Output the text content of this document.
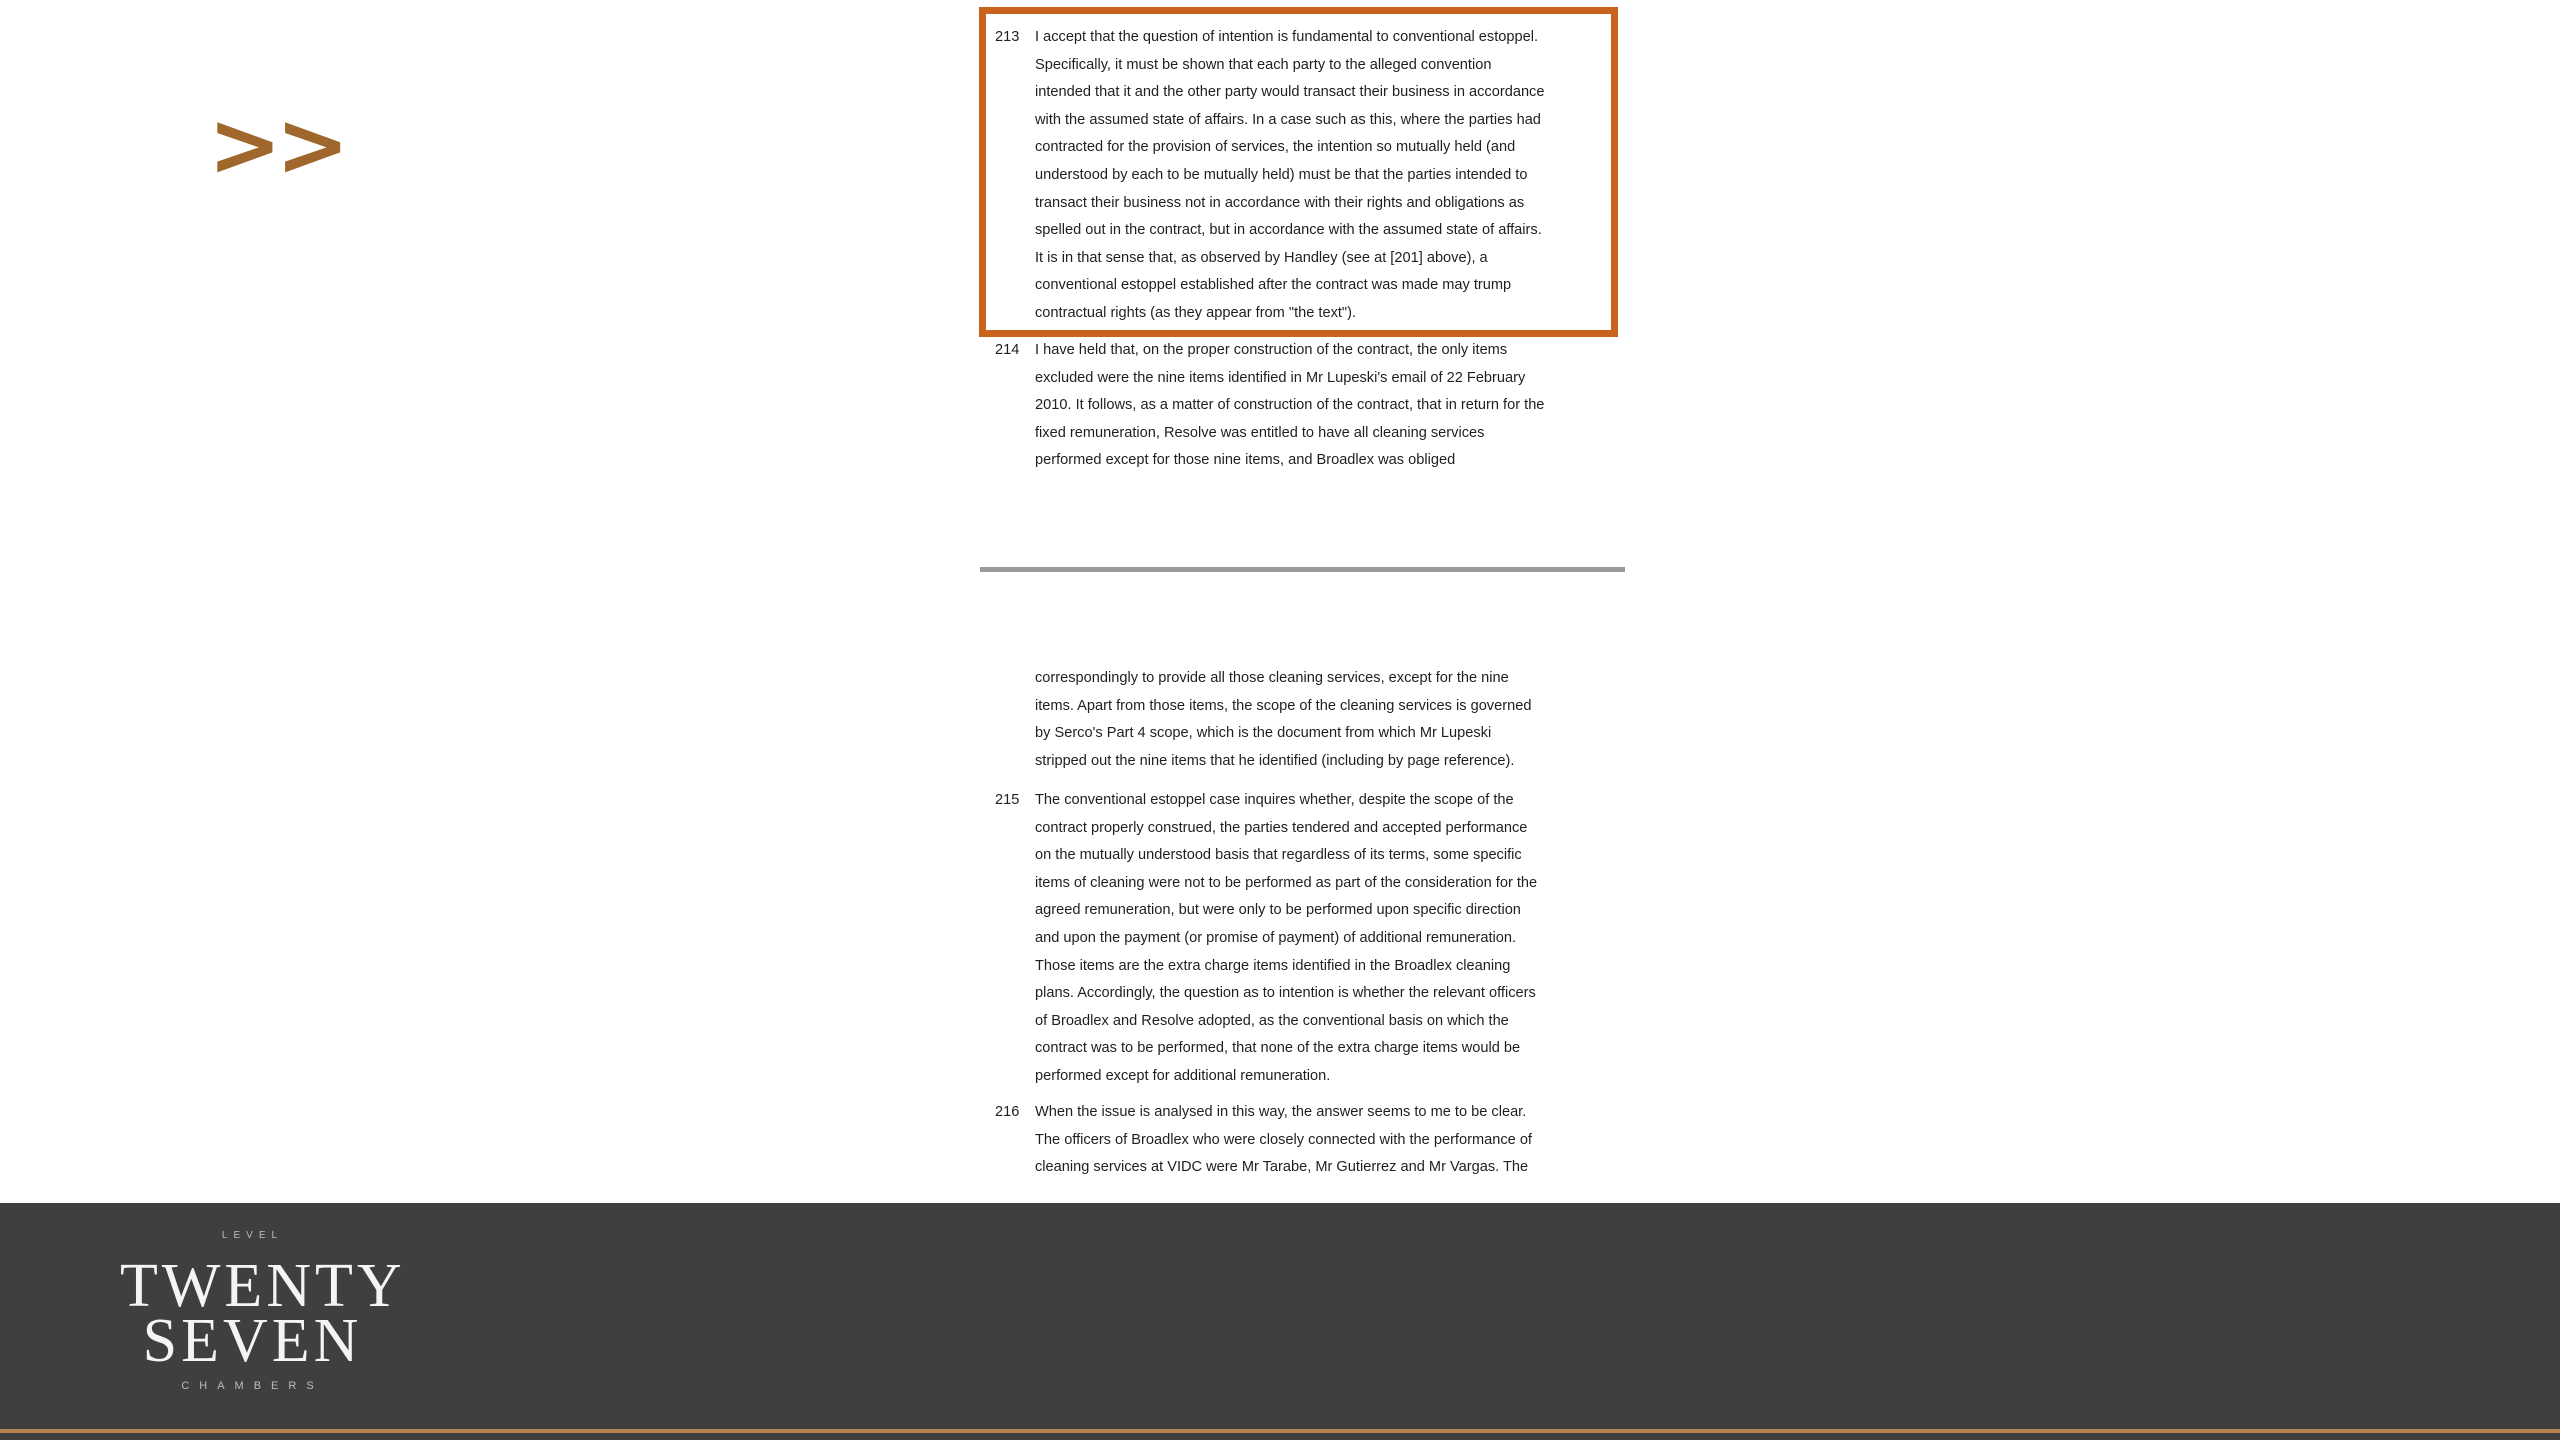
>>
213	I accept that the question of intention is fundamental to conventional estoppel.
Specifically, it must be shown that each party to the alleged convention
intended that it and the other party would transact their business in accordance
with the assumed state of affairs. In a case such as this, where the parties had
contracted for the provision of services, the intention so mutually held (and
understood by each to be mutually held) must be that the parties intended to
transact their business not in accordance with their rights and obligations as
spelled out in the contract, but in accordance with the assumed state of affairs.
It is in that sense that, as observed by Handley (see at [201] above), a
conventional estoppel established after the contract was made may trump
contractual rights (as they appear from "the text").
214	I have held that, on the proper construction of the contract, the only items
excluded were the nine items identified in Mr Lupeski's email of 22 February
2010. It follows, as a matter of construction of the contract, that in return for the
fixed remuneration, Resolve was entitled to have all cleaning services
performed except for those nine items, and Broadlex was obliged
correspondingly to provide all those cleaning services, except for the nine
items. Apart from those items, the scope of the cleaning services is governed
by Serco's Part 4 scope, which is the document from which Mr Lupeski
stripped out the nine items that he identified (including by page reference).
215	The conventional estoppel case inquires whether, despite the scope of the
contract properly construed, the parties tendered and accepted performance
on the mutually understood basis that regardless of its terms, some specific
items of cleaning were not to be performed as part of the consideration for the
agreed remuneration, but were only to be performed upon specific direction
and upon the payment (or promise of payment) of additional remuneration.
Those items are the extra charge items identified in the Broadlex cleaning
plans. Accordingly, the question as to intention is whether the relevant officers
of Broadlex and Resolve adopted, as the conventional basis on which the
contract was to be performed, that none of the extra charge items would be
performed except for additional remuneration.
216	When the issue is analysed in this way, the answer seems to me to be clear.
The officers of Broadlex who were closely connected with the performance of
cleaning services at VIDC were Mr Tarabe, Mr Gutierrez and Mr Vargas. The
LEVEL
TWENTY
SEVEN
CHAMBERS
